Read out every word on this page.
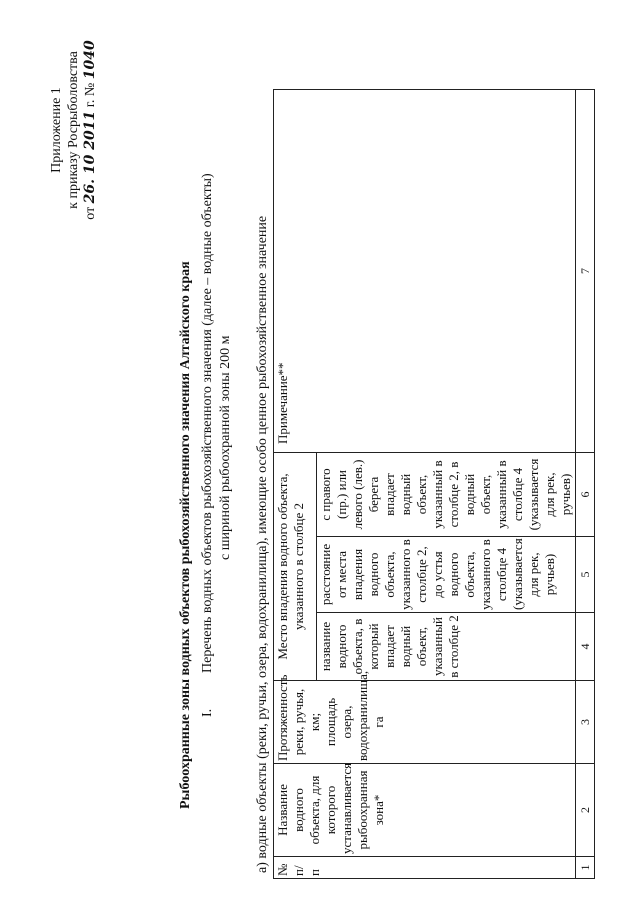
Приложение 1 к приказу Росрыболовства
от 26. 10 2011 г. № 1040
Рыбоохранные зоны водных объектов рыбохозяйственного значения Алтайского края I.Перечень водных объектов рыбохозяйственного значения (далее – водные объекты) с шириной рыбоохранной зоны 200 м а) водные объекты (реки, ручьи, озера, водохранилища), имеющие особо ценное рыбохозяйственное значение № п/п	Название водного объекта, для которого устанавливается рыбоохранная зона*	Протяженность реки, ручья, км; площадь озера, водохранилища, га	Место впадения водного объекта, указанного в столбце 2			Примечание**
			название водного объекта, в который впадает водный объект, указанный в столбце 2	расстояние от места впадения водного объекта, указанного в столбце 2, до устья водного объекта, указанного в столбце 4 (указывается для рек, ручьев)	с правого (пр.) или левого (лев.) берега впадает водный объект, указанный в столбце 2, в водный объект, указанный в столбце 4 (указывается для рек, ручьев)	
1	2	3	4	5	6	7
